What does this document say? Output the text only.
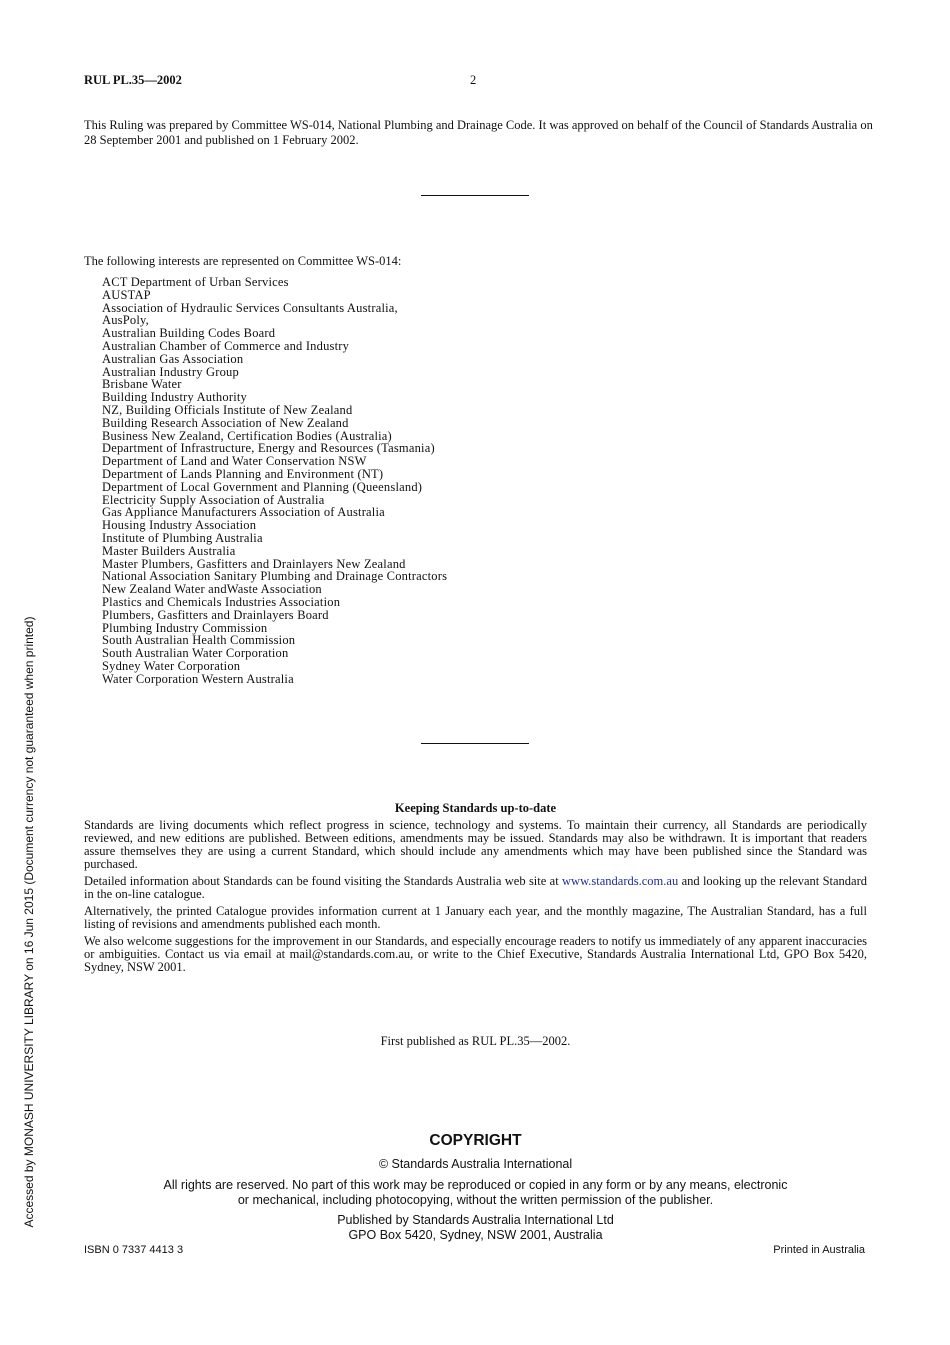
Accessed by MONASH UNIVERSITY LIBRARY on 16 Jun 2015 (Document currency not guaranteed when printed)
RUL PL.35—2002	2
This Ruling was prepared by Committee WS-014, National Plumbing and Drainage Code. It was approved on behalf of the Council of Standards Australia on 28 September 2001 and published on 1 February 2002.
The following interests are represented on Committee WS-014:
ACT Department of Urban Services
AUSTAP
Association of Hydraulic Services Consultants Australia,
AusPoly,
Australian Building Codes Board
Australian Chamber of Commerce and Industry
Australian Gas Association
Australian Industry Group
Brisbane Water
Building Industry Authority
NZ, Building Officials Institute of New Zealand
Building Research Association of New Zealand
Business New Zealand, Certification Bodies (Australia)
Department of Infrastructure, Energy and Resources (Tasmania)
Department of Land and Water Conservation NSW
Department of Lands Planning and Environment (NT)
Department of Local Government and Planning (Queensland)
Electricity Supply Association of Australia
Gas Appliance Manufacturers Association of Australia
Housing Industry Association
Institute of Plumbing Australia
Master Builders Australia
Master Plumbers, Gasfitters and Drainlayers New Zealand
National Association Sanitary Plumbing and Drainage Contractors
New Zealand Water andWaste Association
Plastics and Chemicals Industries Association
Plumbers, Gasfitters and Drainlayers Board
Plumbing Industry Commission
South Australian Health Commission
South Australian Water Corporation
Sydney Water Corporation
Water Corporation Western Australia
Keeping Standards up-to-date

Standards are living documents which reflect progress in science, technology and systems. To maintain their currency, all Standards are periodically reviewed, and new editions are published. Between editions, amendments may be issued. Standards may also be withdrawn. It is important that readers assure themselves they are using a current Standard, which should include any amendments which may have been published since the Standard was purchased.

Detailed information about Standards can be found visiting the Standards Australia web site at www.standards.com.au and looking up the relevant Standard in the on-line catalogue.

Alternatively, the printed Catalogue provides information current at 1 January each year, and the monthly magazine, The Australian Standard, has a full listing of revisions and amendments published each month.

We also welcome suggestions for the improvement in our Standards, and especially encourage readers to notify us immediately of any apparent inaccuracies or ambiguities. Contact us via email at mail@standards.com.au, or write to the Chief Executive, Standards Australia International Ltd, GPO Box 5420, Sydney, NSW 2001.

First published as RUL PL.35—2002.
COPYRIGHT
© Standards Australia International
All rights are reserved. No part of this work may be reproduced or copied in any form or by any means, electronic
or mechanical, including photocopying, without the written permission of the publisher.
Published by Standards Australia International Ltd
GPO Box 5420, Sydney, NSW 2001, Australia
ISBN 0 7337 4413 3	Printed in Australia
